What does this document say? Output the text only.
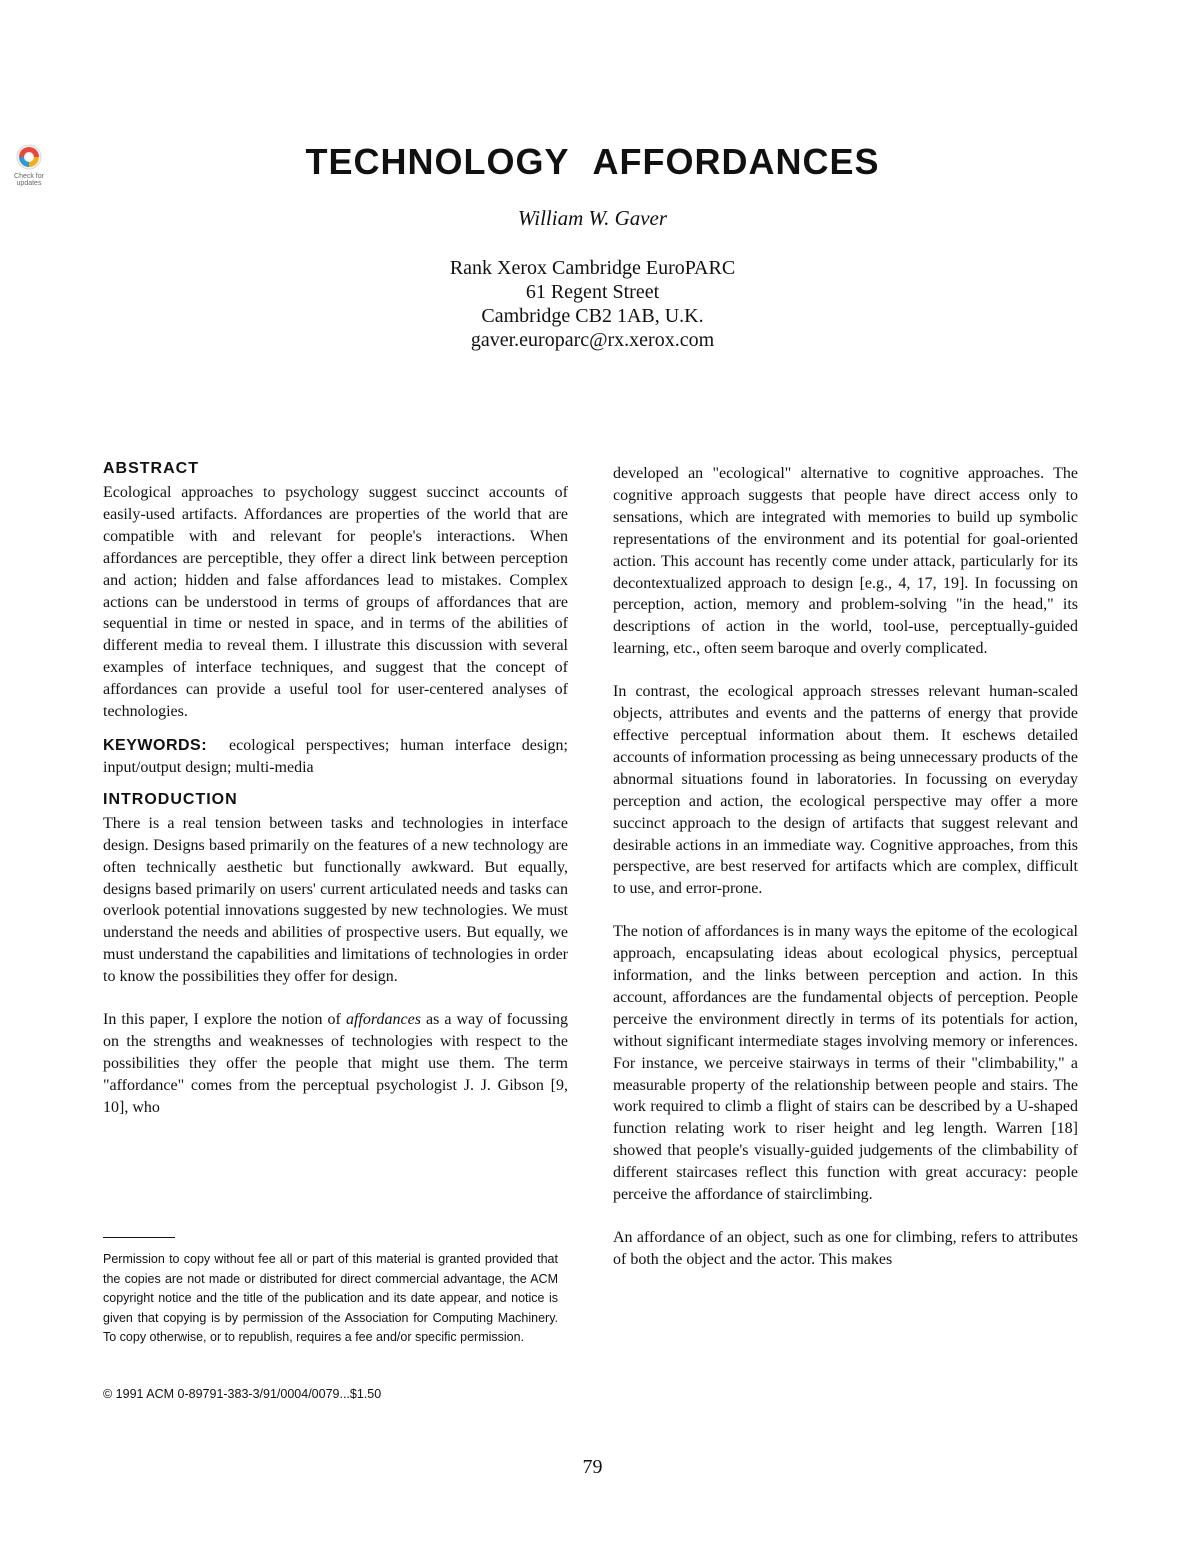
Check for updates
TECHNOLOGY AFFORDANCES
William W. Gaver
Rank Xerox Cambridge EuroPARC
61 Regent Street
Cambridge CB2 1AB, U.K.
gaver.europarc@rx.xerox.com
ABSTRACT

Ecological approaches to psychology suggest succinct accounts of easily-used artifacts. Affordances are properties of the world that are compatible with and relevant for people's interactions. When affordances are perceptible, they offer a direct link between perception and action; hidden and false affordances lead to mistakes. Complex actions can be understood in terms of groups of affordances that are sequential in time or nested in space, and in terms of the abilities of different media to reveal them. I illustrate this discussion with several examples of interface techniques, and suggest that the concept of affordances can provide a useful tool for user-centered analyses of technologies.

KEYWORDS: ecological perspectives; human interface design; input/output design; multi-media

INTRODUCTION

There is a real tension between tasks and technologies in interface design. Designs based primarily on the features of a new technology are often technically aesthetic but functionally awkward. But equally, designs based primarily on users' current articulated needs and tasks can overlook potential innovations suggested by new technologies. We must understand the needs and abilities of prospective users. But equally, we must understand the capabilities and limitations of technologies in order to know the possibilities they offer for design.

In this paper, I explore the notion of affordances as a way of focussing on the strengths and weaknesses of technologies with respect to the possibilities they offer the people that might use them. The term "affordance" comes from the perceptual psychologist J. J. Gibson [9, 10], who

developed an "ecological" alternative to cognitive approaches. The cognitive approach suggests that people have direct access only to sensations, which are integrated with memories to build up symbolic representations of the environment and its potential for goal-oriented action. This account has recently come under attack, particularly for its decontextualized approach to design [e.g., 4, 17, 19]. In focussing on perception, action, memory and problem-solving "in the head," its descriptions of action in the world, tool-use, perceptually-guided learning, etc., often seem baroque and overly complicated.

In contrast, the ecological approach stresses relevant human-scaled objects, attributes and events and the patterns of energy that provide effective perceptual information about them. It eschews detailed accounts of information processing as being unnecessary products of the abnormal situations found in laboratories. In focussing on everyday perception and action, the ecological perspective may offer a more succinct approach to the design of artifacts that suggest relevant and desirable actions in an immediate way. Cognitive approaches, from this perspective, are best reserved for artifacts which are complex, difficult to use, and error-prone.

The notion of affordances is in many ways the epitome of the ecological approach, encapsulating ideas about ecological physics, perceptual information, and the links between perception and action. In this account, affordances are the fundamental objects of perception. People perceive the environment directly in terms of its potentials for action, without significant intermediate stages involving memory or inferences. For instance, we perceive stairways in terms of their "climbability," a measurable property of the relationship between people and stairs. The work required to climb a flight of stairs can be described by a U-shaped function relating work to riser height and leg length. Warren [18] showed that people's visually-guided judgements of the climbability of different staircases reflect this function with great accuracy: people perceive the affordance of stairclimbing.

An affordance of an object, such as one for climbing, refers to attributes of both the object and the actor. This makes

Permission to copy without fee all or part of this material is granted provided that the copies are not made or distributed for direct commercial advantage, the ACM copyright notice and the title of the publication and its date appear, and notice is given that copying is by permission of the Association for Computing Machinery. To copy otherwise, or to republish, requires a fee and/or specific permission.

© 1991 ACM 0-89791-383-3/91/0004/0079...$1.50

79
